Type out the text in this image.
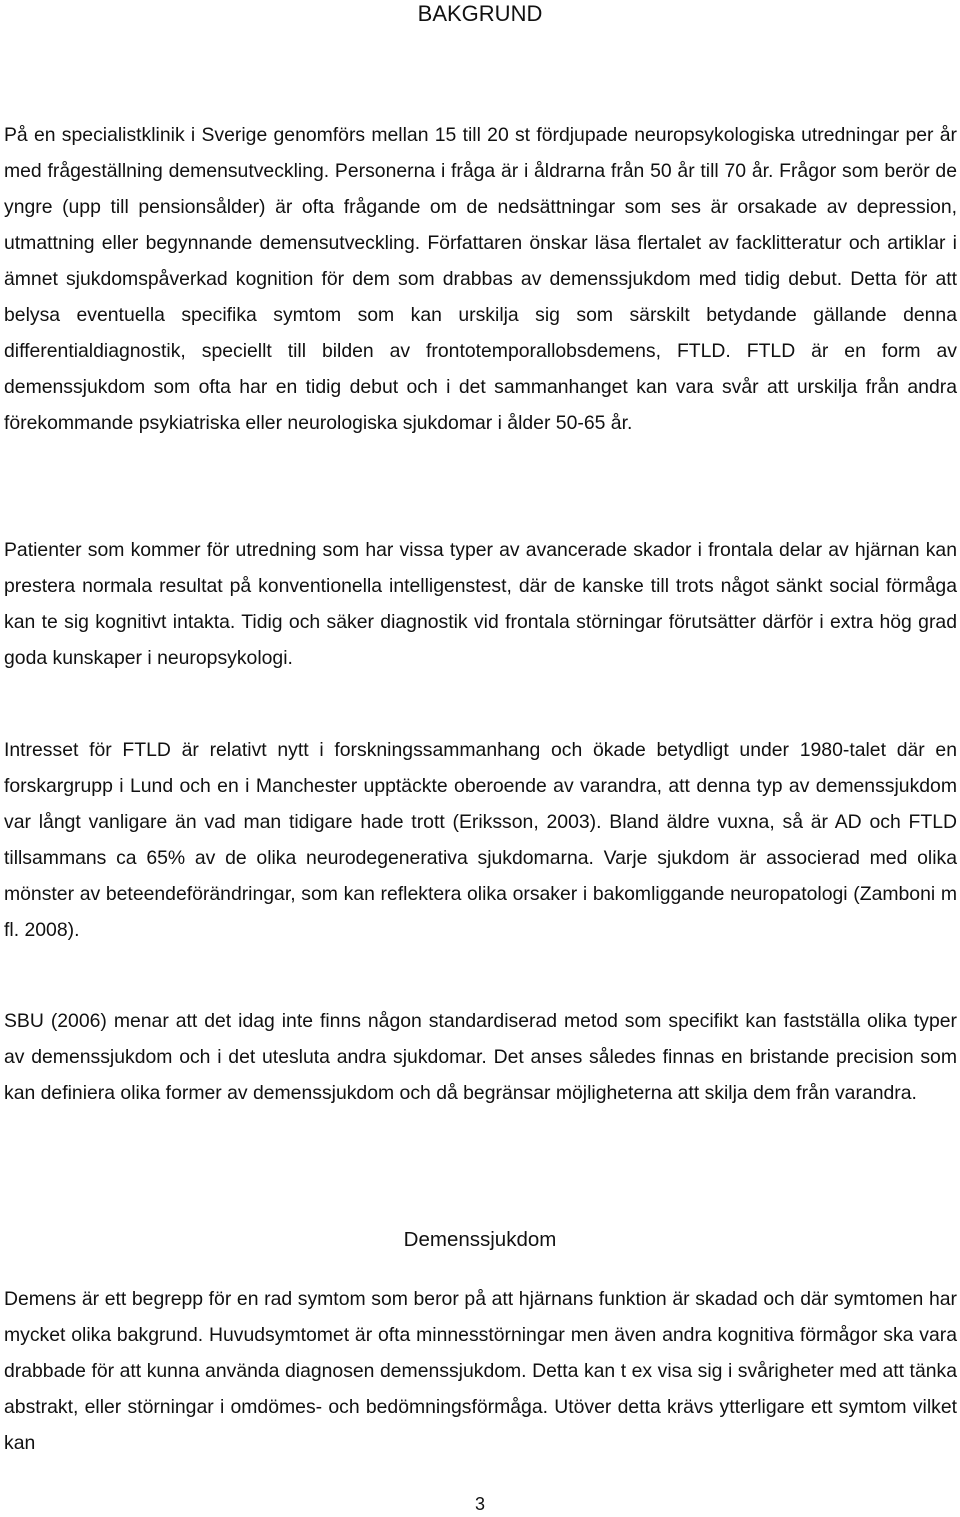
BAKGRUND

På en specialistklinik i Sverige genomförs mellan 15 till 20 st fördjupade neuropsykologiska utredningar per år med frågeställning demensutveckling. Personerna i fråga är i åldrarna från 50 år till 70 år. Frågor som berör de yngre (upp till pensionsålder) är ofta frågande om de nedsättningar som ses är orsakade av depression, utmattning eller begynnande demensutveckling. Författaren önskar läsa flertalet av facklitteratur och artiklar i ämnet sjukdomspåverkad kognition för dem som drabbas av demenssjukdom med tidig debut. Detta för att belysa eventuella specifika symtom som kan urskilja sig som särskilt betydande gällande denna differentialdiagnostik, speciellt till bilden av frontotemporallobsdemens, FTLD. FTLD är en form av demenssjukdom som ofta har en tidig debut och i det sammanhanget kan vara svår att urskilja från andra förekommande psykiatriska eller neurologiska sjukdomar i ålder 50-65 år.

Patienter som kommer för utredning som har vissa typer av avancerade skador i frontala delar av hjärnan kan prestera normala resultat på konventionella intelligenstest, där de kanske till trots något sänkt social förmåga kan te sig kognitivt intakta. Tidig och säker diagnostik vid frontala störningar förutsätter därför i extra hög grad goda kunskaper i neuropsykologi.

Intresset för FTLD är relativt nytt i forskningssammanhang och ökade betydligt under 1980-talet där en forskargrupp i Lund och en i Manchester upptäckte oberoende av varandra, att denna typ av demenssjukdom var långt vanligare än vad man tidigare hade trott (Eriksson, 2003). Bland äldre vuxna, så är AD och FTLD tillsammans ca 65% av de olika neurodegenerativa sjukdomarna. Varje sjukdom är associerad med olika mönster av beteendeförändringar, som kan reflektera olika orsaker i bakomliggande neuropatologi (Zamboni m fl. 2008).

SBU (2006) menar att det idag inte finns någon standardiserad metod som specifikt kan fastställa olika typer av demenssjukdom och i det utesluta andra sjukdomar. Det anses således finnas en bristande precision som kan definiera olika former av demenssjukdom och då begränsar möjligheterna att skilja dem från varandra.

Demenssjukdom

Demens är ett begrepp för en rad symtom som beror på att hjärnans funktion är skadad och där symtomen har mycket olika bakgrund. Huvudsymtomet är ofta minnesstörningar men även andra kognitiva förmågor ska vara drabbade för att kunna använda diagnosen demenssjukdom. Detta kan t ex visa sig i svårigheter med att tänka abstrakt, eller störningar i omdömes- och bedömningsförmåga. Utöver detta krävs ytterligare ett symtom vilket kan

3
